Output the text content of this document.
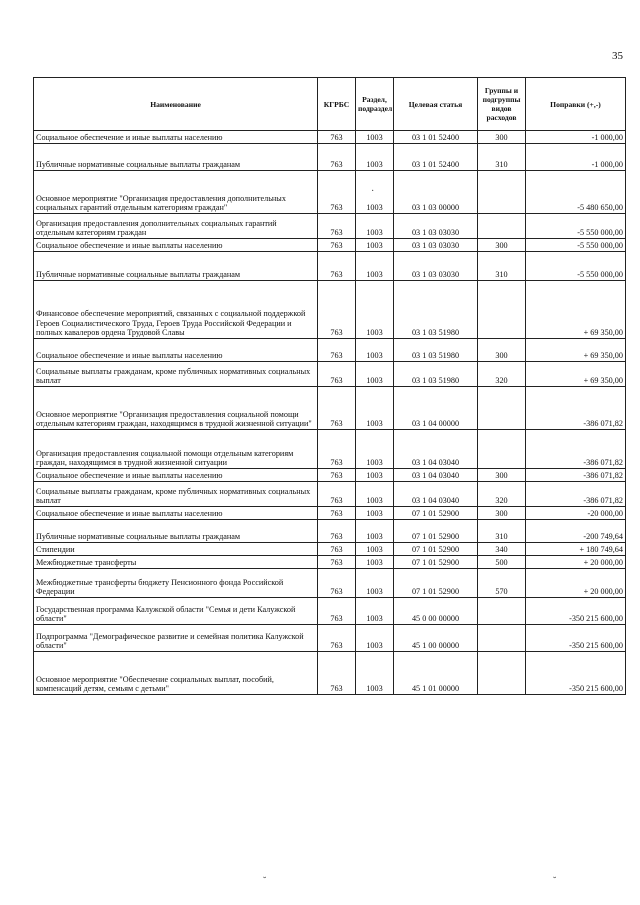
35
Наименование	КГРБС	Раздел, подраздел	Целевая статья	Группы и подгруппы видов расходов	Поправки (+,-)
Социальное обеспечение и иные выплаты населению	763	1003	03 1 01 52400	300	-1 000,00
Публичные нормативные социальные выплаты гражданам	763	1003	03 1 01 52400	310	-1 000,00
Основное мероприятие "Организация предоставления дополнительных социальных гарантий отдельным категориям граждан"	763	1003	03 1 03 00000		-5 480 650,00
Организация предоставления дополнительных социальных гарантий отдельным категориям граждан	763	1003	03 1 03 03030		-5 550 000,00
Социальное обеспечение и иные выплаты населению	763	1003	03 1 03 03030	300	-5 550 000,00
Публичные нормативные социальные выплаты гражданам	763	1003	03 1 03 03030	310	-5 550 000,00
Финансовое обеспечение мероприятий, связанных с социальной поддержкой Героев Социалистического Труда, Героев Труда Российской Федерации и полных кавалеров ордена Трудовой Славы	763	1003	03 1 03 51980		+ 69 350,00
Социальное обеспечение и иные выплаты населению	763	1003	03 1 03 51980	300	+ 69 350,00
Социальные выплаты гражданам, кроме публичных нормативных социальных выплат	763	1003	03 1 03 51980	320	+ 69 350,00
Основное мероприятие "Организация предоставления социальной помощи отдельным категориям граждан, находящимся в трудной жизненной ситуации"	763	1003	03 1 04 00000		-386 071,82
Организация предоставления социальной помощи отдельным категориям граждан, находящимся в трудной жизненной ситуации	763	1003	03 1 04 03040		-386 071,82
Социальное обеспечение и иные выплаты населению	763	1003	03 1 04 03040	300	-386 071,82
Социальные выплаты гражданам, кроме публичных нормативных социальных выплат	763	1003	03 1 04 03040	320	-386 071,82
Социальное обеспечение и иные выплаты населению	763	1003	07 1 01 52900	300	-20 000,00
Публичные нормативные социальные выплаты гражданам	763	1003	07 1 01 52900	310	-200 749,64
Стипендии	763	1003	07 1 01 52900	340	+ 180 749,64
Межбюджетные трансферты	763	1003	07 1 01 52900	500	+ 20 000,00
Межбюджетные трансферты бюджету Пенсионного фонда Российской Федерации	763	1003	07 1 01 52900	570	+ 20 000,00
Государственная программа Калужской области "Семья и дети Калужской области"	763	1003	45 0 00 00000		-350 215 600,00
Подпрограмма "Демографическое развитие и семейная политика Калужской области"	763	1003	45 1 00 00000		-350 215 600,00
Основное мероприятие "Обеспечение социальных выплат, пособий, компенсаций детям, семьям с детьми"	763	1003	45 1 01 00000		-350 215 600,00
·
˘	˘
